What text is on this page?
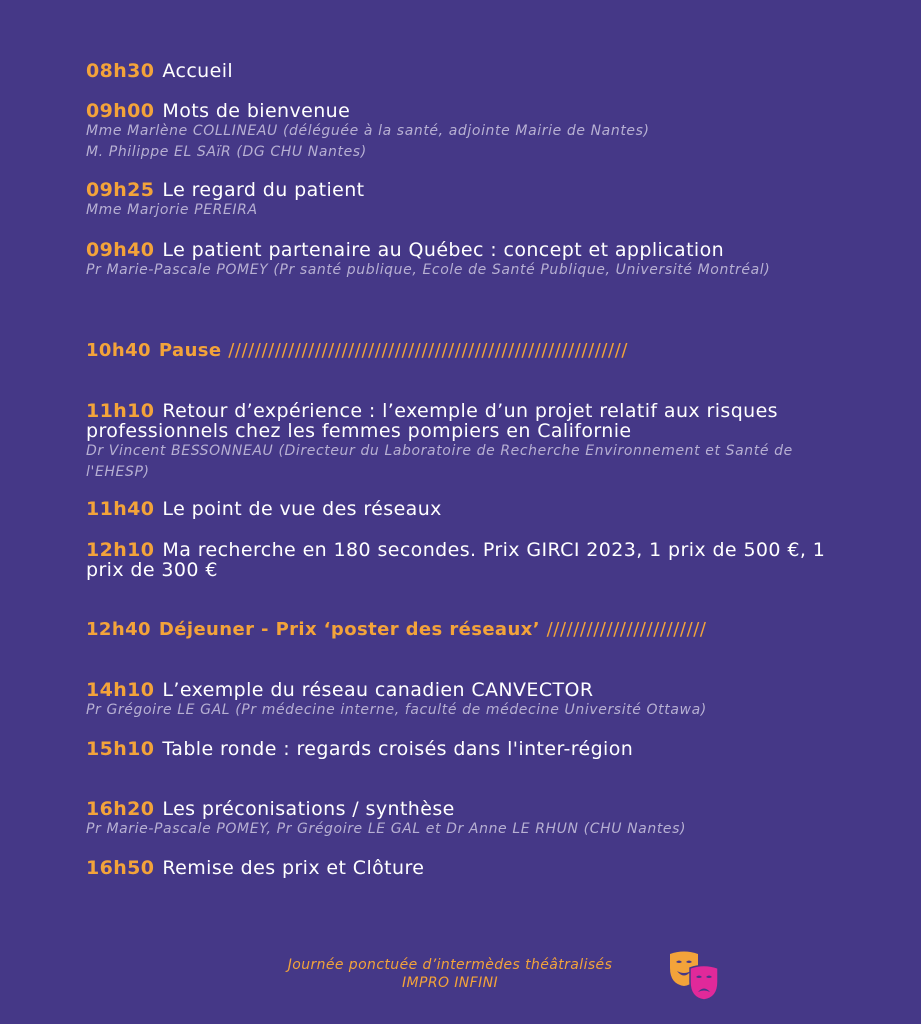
08h30 Accueil
09h00 Mots de bienvenue
Mme Marlène COLLINEAU (déléguée à la santé, adjointe Mairie de Nantes)
M. Philippe EL SAïR (DG CHU Nantes)
09h25 Le regard du patient
Mme Marjorie PEREIRA
09h40 Le patient partenaire au Québec : concept et application
Pr Marie-Pascale POMEY (Pr santé publique, Ecole de Santé Publique, Université Montréal)
10h40 Pause ////////////////////////////////////////////////////////////
11h10 Retour d’expérience : l’exemple d’un projet relatif aux risques professionnels chez les femmes pompiers en Californie
Dr Vincent BESSONNEAU (Directeur du Laboratoire de Recherche Environnement et Santé de l'EHESP)
11h40 Le point de vue des réseaux
12h10 Ma recherche en 180 secondes. Prix GIRCI 2023, 1 prix de 500 €, 1 prix de 300 €
12h40 Déjeuner - Prix ‘poster des réseaux’ ////////////////////////
14h10 L’exemple du réseau canadien CANVECTOR
Pr Grégoire LE GAL (Pr médecine interne, faculté de médecine Université Ottawa)
15h10 Table ronde : regards croisés dans l'inter-région
16h20 Les préconisations / synthèse
Pr Marie-Pascale POMEY, Pr Grégoire LE GAL et Dr Anne LE RHUN (CHU Nantes)
16h50 Remise des prix et Clôture
Journée ponctuée d’intermèdes théâtralisés
IMPRO INFINI
